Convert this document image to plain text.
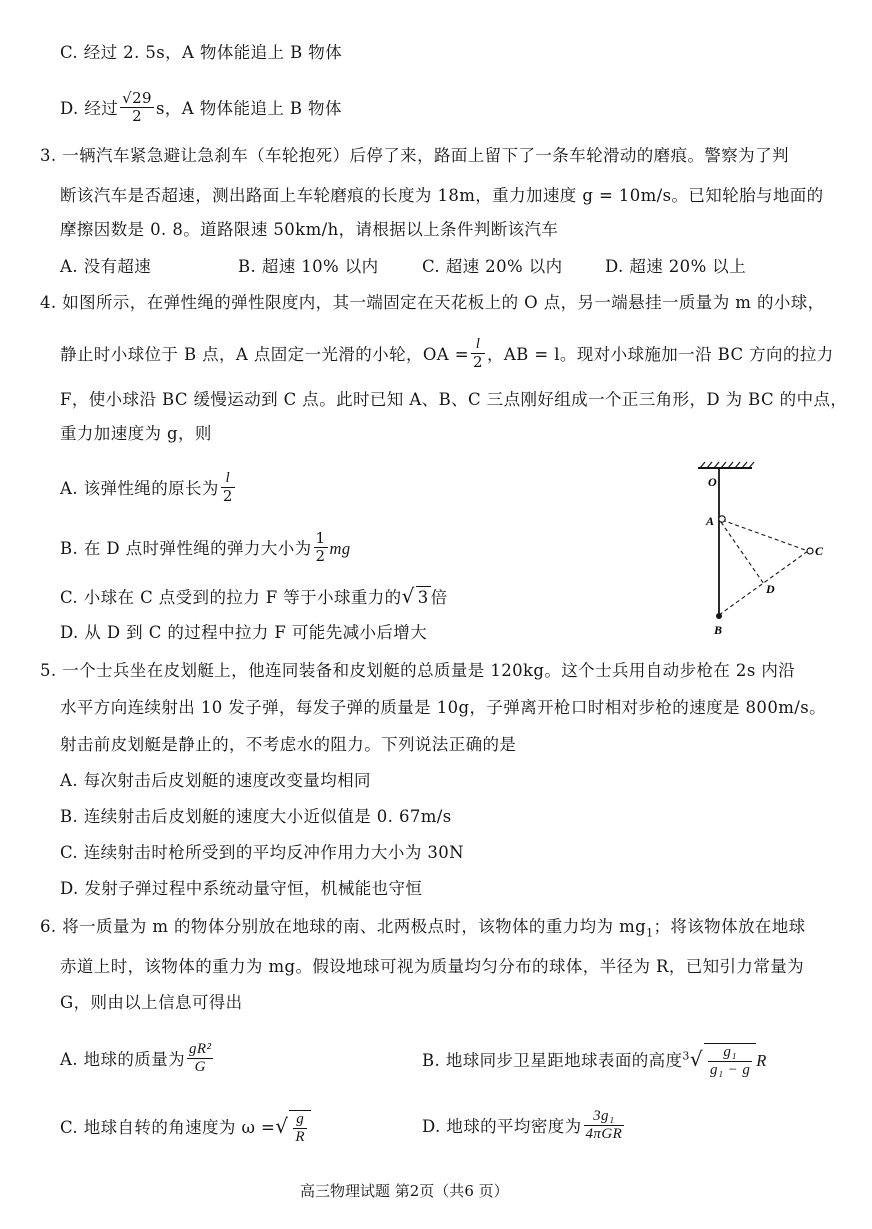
C. 经过 2. 5s，A 物体能追上 B 物体
D. 经过 $\frac{√29}{2}$ s，A 物体能追上 B 物体
3. 一辆汽车紧急避让急刹车（车轮抱死）后停了来，路面上留下了一条车轮滑动的磨痕。警察为了判
断该汽车是否超速，测出路面上车轮磨痕的长度为 18m，重力加速度 g = 10m/s。已知轮胎与地面的
摩擦因数是 0. 8。道路限速 50km/h，请根据以上条件判断该汽车
A. 没有超速	B. 超速 10% 以内	C. 超速 20% 以内	D. 超速 20% 以上
4. 如图所示，在弹性绳的弹性限度内，其一端固定在天花板上的 O 点，另一端悬挂一质量为 m 的小球，
静止时小球位于 B 点，A 点固定一光滑的小轮，OA = $\frac{l}{2}$ ，AB = l。现对小球施加一沿 BC 方向的拉力
F，使小球沿 BC 缓慢运动到 C 点。此时已知 A、B、C 三点刚好组成一个正三角形，D 为 BC 的中点，
重力加速度为 g，则
A. 该弹性绳的原长为 $\frac{l}{2}$
B. 在 D 点时弹性绳的弹力大小为 $\frac{1}{2}$ mg
C. 小球在 C 点受到的拉力 F 等于小球重力的√ 3 倍
D. 从 D 到 C 的过程中拉力 F 可能先减小后增大
O
A
C
D
B
5. 一个士兵坐在皮划艇上，他连同装备和皮划艇的总质量是 120kg。这个士兵用自动步枪在 2s 内沿
水平方向连续射出 10 发子弹，每发子弹的质量是 10g，子弹离开枪口时相对步枪的速度是 800m/s。
射击前皮划艇是静止的，不考虑水的阻力。下列说法正确的是
A. 每次射击后皮划艇的速度改变量均相同
B. 连续射击后皮划艇的速度大小近似值是 0. 67m/s
C. 连续射击时枪所受到的平均反冲作用力大小为 30N
D. 发射子弹过程中系统动量守恒，机械能也守恒
6. 将一质量为 m 的物体分别放在地球的南、北两极点时，该物体的重力均为 $mg_1$；将该物体放在地球
赤道上时，该物体的重力为 mg。假设地球可视为质量均匀分布的球体，半径为 R，已知引力常量为
G，则由以上信息可得出
A. 地球的质量为 $\frac{\text{gR²}}{G}$	B. 地球同步卫星距地球表面的高度$^3√ \frac{\text{g₁}}{\text{g₁ − g}}$ R
C. 地球自转的角速度为 ω =√ $\frac{g}{R}$	D. 地球的平均密度为 $\frac{\text{3g₁}}{\text{4πGR}}$
高三物理试题 第2页（共6 页）
